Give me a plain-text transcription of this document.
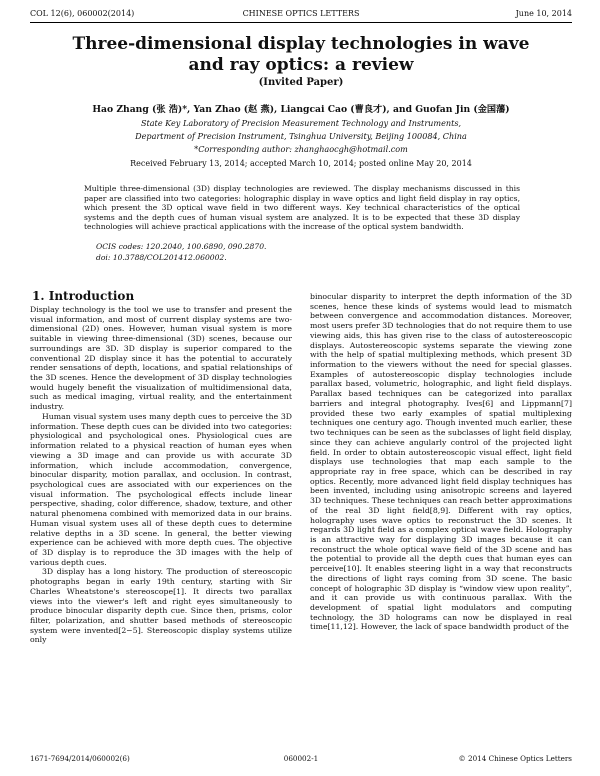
COL 12(6), 060002(2014)	CHINESE OPTICS LETTERS	June 10, 2014
Three-dimensional display technologies in wave
and ray optics: a review
(Invited Paper)
Hao Zhang (张 浩)*, Yan Zhao (赵 燕), Liangcai Cao (曹良才), and Guofan Jin (金国藩)
State Key Laboratory of Precision Measurement Technology and Instruments,
Department of Precision Instrument, Tsinghua University, Beijing 100084, China
*Corresponding author: zhanghaocgh@hotmail.com
Received February 13, 2014; accepted March 10, 2014; posted online May 20, 2014
Multiple three-dimensional (3D) display technologies are reviewed. The display mechanisms discussed in this paper are classified into two categories: holographic display in wave optics and light field display in ray optics, which present the 3D optical wave field in two different ways. Key technical characteristics of the optical systems and the depth cues of human visual system are analyzed. It is to be expected that these 3D display technologies will achieve practical applications with the increase of the optical system bandwidth.
OCIS codes: 120.2040, 100.6890, 090.2870.
doi: 10.3788/COL201412.060002.
1. Introduction

Display technology is the tool we use to transfer and present the visual information, and most of current display systems are two-dimensional (2D) ones. However, human visual system is more suitable in viewing three-dimensional (3D) scenes, because our surroundings are 3D. 3D display is superior compared to the conventional 2D display since it has the potential to accurately render sensations of depth, locations, and spatial relationships of the 3D scenes. Hence the development of 3D display technologies would hugely benefit the visualization of multidimensional data, such as medical imaging, virtual reality, and the entertainment industry.

Human visual system uses many depth cues to perceive the 3D information. These depth cues can be divided into two categories: physiological and psychological ones. Physiological cues are information related to a physical reaction of human eyes when viewing a 3D image and can provide us with accurate 3D information, which include accommodation, convergence, binocular disparity, motion parallax, and occlusion. In contrast, psychological cues are associated with our experiences on the visual information. The psychological effects include linear perspective, shading, color difference, shadow, texture, and other natural phenomena combined with memorized data in our brains. Human visual system uses all of these depth cues to determine relative depths in a 3D scene. In general, the better viewing experience can be achieved with more depth cues. The objective of 3D display is to reproduce the 3D images with the help of various depth cues.

3D display has a long history. The production of stereoscopic photographs began in early 19th century, starting with Sir Charles Wheatstone's stereoscope[1]. It directs two parallax views into the viewer's left and right eyes simultaneously to produce binocular disparity depth cue. Since then, prisms, color filter, polarization, and shutter based methods of stereoscopic system were invented[2−5]. Stereoscopic display systems utilize only

binocular disparity to interpret the depth information of the 3D scenes, hence these kinds of systems would lead to mismatch between convergence and accommodation distances. Moreover, most users prefer 3D technologies that do not require them to use viewing aids, this has given rise to the class of autostereoscopic displays. Autostereoscopic systems separate the viewing zone with the help of spatial multiplexing methods, which present 3D information to the viewers without the need for special glasses. Examples of autostereoscopic display technologies include parallax based, volumetric, holographic, and light field displays. Parallax based techniques can be categorized into parallax barriers and integral photography. Ives[6] and Lippmann[7] provided these two early examples of spatial multiplexing techniques one century ago. Though invented much earlier, these two techniques can be seen as the subclasses of light field display, since they can achieve angularly control of the projected light field. In order to obtain autostereoscopic visual effect, light field displays use technologies that map each sample to the appropriate ray in free space, which can be described in ray optics. Recently, more advanced light field display techniques has been invented, including using anisotropic screens and layered 3D techniques. These techniques can reach better approximations of the real 3D light field[8,9]. Different with ray optics, holography uses wave optics to reconstruct the 3D scenes. It regards 3D light field as a complex optical wave field. Holography is an attractive way for displaying 3D images because it can reconstruct the whole optical wave field of the 3D scene and has the potential to provide all the depth cues that human eyes can perceive[10]. It enables steering light in a way that reconstructs the directions of light rays coming from 3D scene. The basic concept of holographic 3D display is “window view upon reality”, and it can provide us with continuous parallax. With the development of spatial light modulators and computing technology, the 3D holograms can now be displayed in real time[11,12]. However, the lack of space bandwidth product of the

1671-7694/2014/060002(6)	060002-1	© 2014 Chinese Optics Letters
